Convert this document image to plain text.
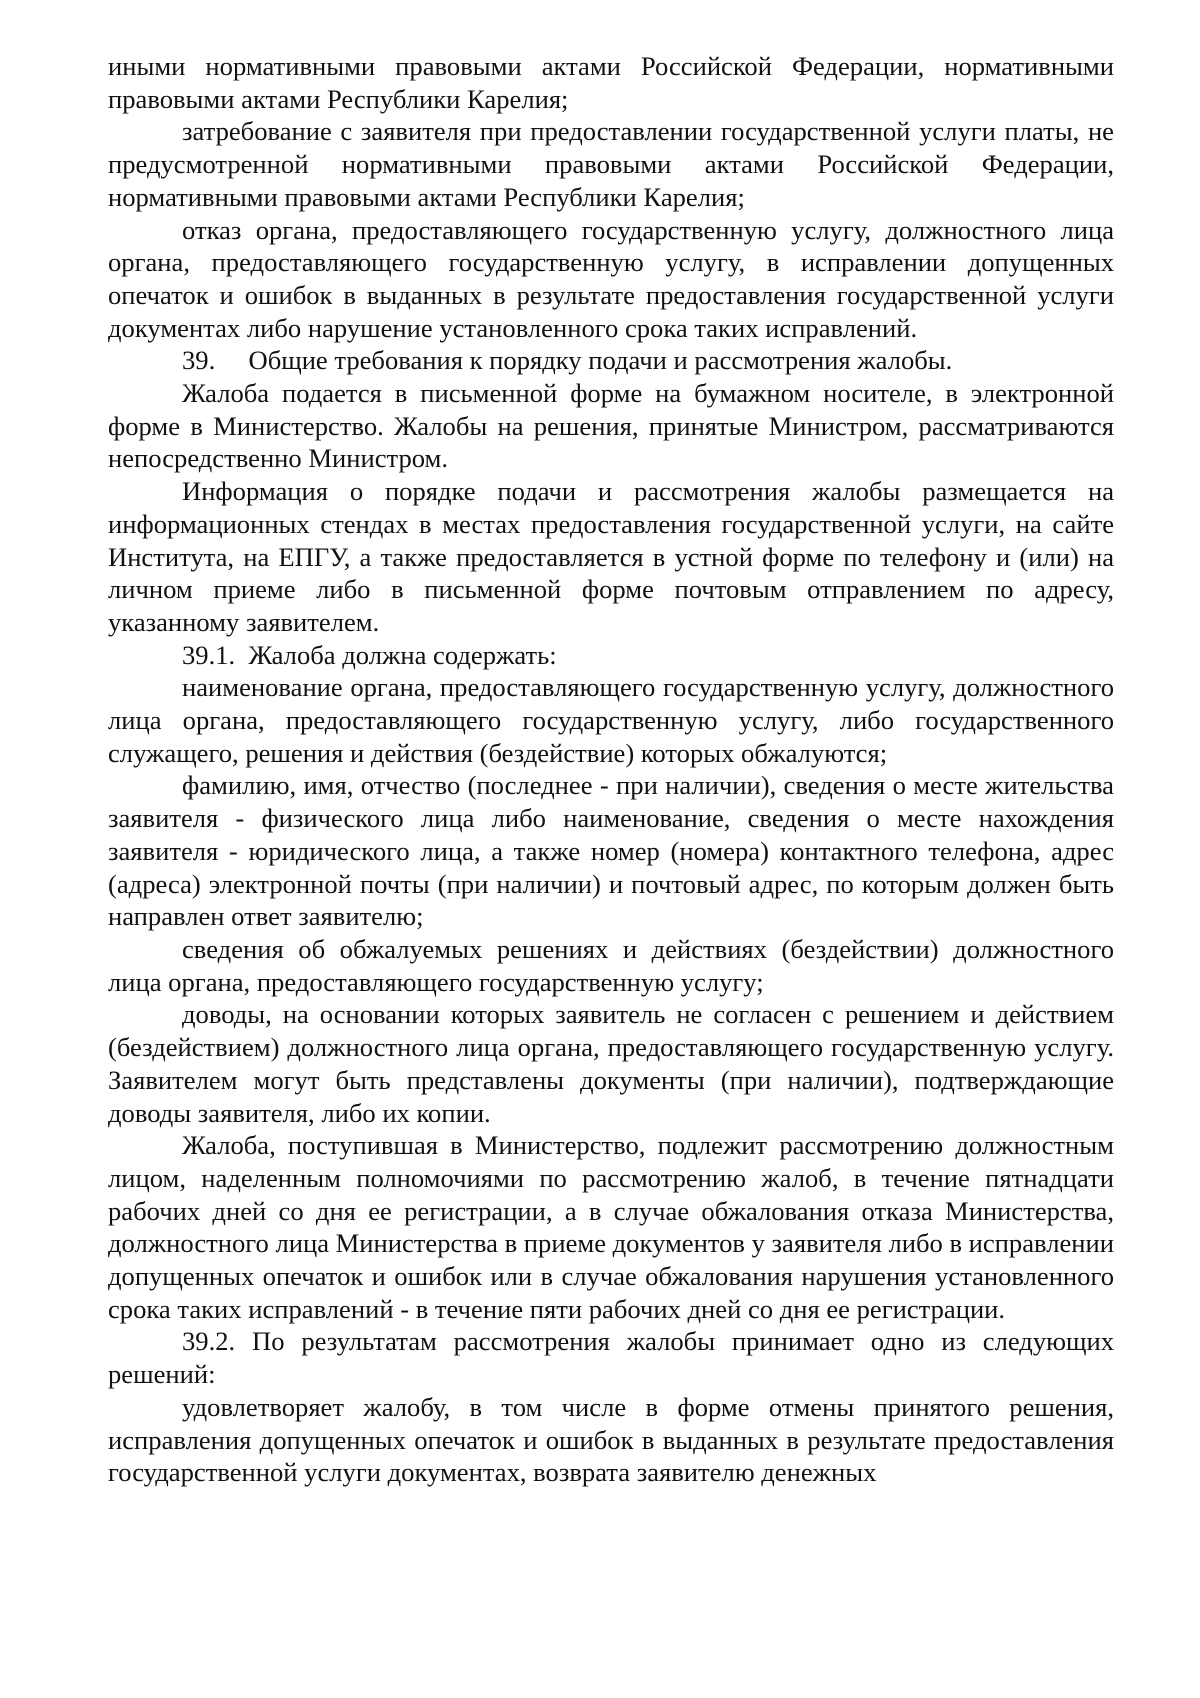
иными нормативными правовыми актами Российской Федерации, нормативными правовыми актами Республики Карелия;

затребование с заявителя при предоставлении государственной услуги платы, не предусмотренной нормативными правовыми актами Российской Федерации, нормативными правовыми актами Республики Карелия;

отказ органа, предоставляющего государственную услугу, должностного лица органа, предоставляющего государственную услугу, в исправлении допущенных опечаток и ошибок в выданных в результате предоставления государственной услуги документах либо нарушение установленного срока таких исправлений.

39.     Общие требования к порядку подачи и рассмотрения жалобы.

Жалоба подается в письменной форме на бумажном носителе, в электронной форме в Министерство. Жалобы на решения, принятые Министром, рассматриваются непосредственно Министром.

Информация о порядке подачи и рассмотрения жалобы размещается на информационных стендах в местах предоставления государственной услуги, на сайте Института, на ЕПГУ, а также предоставляется в устной форме по телефону и (или) на личном приеме либо в письменной форме почтовым отправлением по адресу, указанному заявителем.

39.1.  Жалоба должна содержать:

наименование органа, предоставляющего государственную услугу, должностного лица органа, предоставляющего государственную услугу, либо государственного служащего, решения и действия (бездействие) которых обжалуются;

фамилию, имя, отчество (последнее - при наличии), сведения о месте жительства заявителя - физического лица либо наименование, сведения о месте нахождения заявителя - юридического лица, а также номер (номера) контактного телефона, адрес (адреса) электронной почты (при наличии) и почтовый адрес, по которым должен быть направлен ответ заявителю;

сведения об обжалуемых решениях и действиях (бездействии) должностного лица органа, предоставляющего государственную услугу;

доводы, на основании которых заявитель не согласен с решением и действием (бездействием) должностного лица органа, предоставляющего государственную услугу. Заявителем могут быть представлены документы (при наличии), подтверждающие доводы заявителя, либо их копии.

Жалоба, поступившая в Министерство, подлежит рассмотрению должностным лицом, наделенным полномочиями по рассмотрению жалоб, в течение пятнадцати рабочих дней со дня ее регистрации, а в случае обжалования отказа Министерства, должностного лица Министерства в приеме документов у заявителя либо в исправлении допущенных опечаток и ошибок или в случае обжалования нарушения установленного срока таких исправлений - в течение пяти рабочих дней со дня ее регистрации.

39.2. По результатам рассмотрения жалобы принимает одно из следующих решений:

удовлетворяет жалобу, в том числе в форме отмены принятого решения, исправления допущенных опечаток и ошибок в выданных в результате предоставления государственной услуги документах, возврата заявителю денежных
